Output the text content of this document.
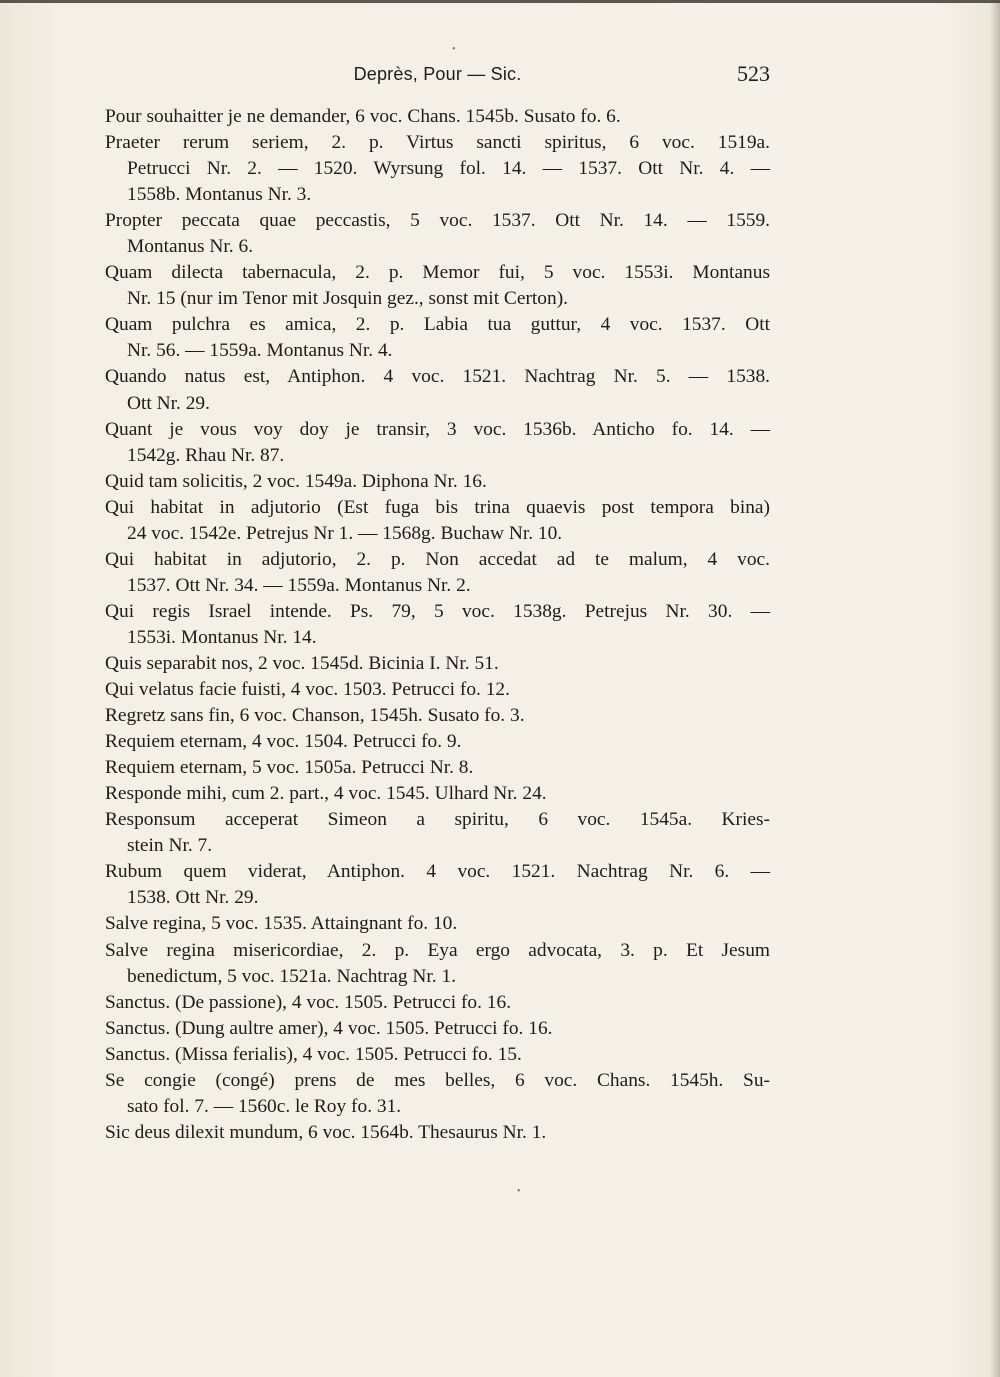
Deprès, Pour — Sic.	523
Pour souhaitter je ne demander, 6 voc. Chans. 1545b. Susato fo. 6.
Praeter rerum seriem, 2. p. Virtus sancti spiritus, 6 voc. 1519a.
Petrucci Nr. 2. — 1520. Wyrsung fol. 14. — 1537. Ott Nr. 4. —
1558b. Montanus Nr. 3.
Propter peccata quae peccastis, 5 voc. 1537. Ott Nr. 14. — 1559.
Montanus Nr. 6.
Quam dilecta tabernacula, 2. p. Memor fui, 5 voc. 1553i. Montanus
Nr. 15 (nur im Tenor mit Josquin gez., sonst mit Certon).
Quam pulchra es amica, 2. p. Labia tua guttur, 4 voc. 1537. Ott
Nr. 56. — 1559a. Montanus Nr. 4.
Quando natus est, Antiphon. 4 voc. 1521. Nachtrag Nr. 5. — 1538.
Ott Nr. 29.
Quant je vous voy doy je transir, 3 voc. 1536b. Anticho fo. 14. —
1542g. Rhau Nr. 87.
Quid tam solicitis, 2 voc. 1549a. Diphona Nr. 16.
Qui habitat in adjutorio (Est fuga bis trina quaevis post tempora bina)
24 voc. 1542e. Petrejus Nr 1. — 1568g. Buchaw Nr. 10.
Qui habitat in adjutorio, 2. p. Non accedat ad te malum, 4 voc.
1537. Ott Nr. 34. — 1559a. Montanus Nr. 2.
Qui regis Israel intende. Ps. 79, 5 voc. 1538g. Petrejus Nr. 30. —
1553i. Montanus Nr. 14.
Quis separabit nos, 2 voc. 1545d. Bicinia I. Nr. 51.
Qui velatus facie fuisti, 4 voc. 1503. Petrucci fo. 12.
Regretz sans fin, 6 voc. Chanson, 1545h. Susato fo. 3.
Requiem eternam, 4 voc. 1504. Petrucci fo. 9.
Requiem eternam, 5 voc. 1505a. Petrucci Nr. 8.
Responde mihi, cum 2. part., 4 voc. 1545. Ulhard Nr. 24.
Responsum acceperat Simeon a spiritu, 6 voc. 1545a. Kries-
stein Nr. 7.
Rubum quem viderat, Antiphon. 4 voc. 1521. Nachtrag Nr. 6. —
1538. Ott Nr. 29.
Salve regina, 5 voc. 1535. Attaingnant fo. 10.
Salve regina misericordiae, 2. p. Eya ergo advocata, 3. p. Et Jesum
benedictum, 5 voc. 1521a. Nachtrag Nr. 1.
Sanctus. (De passione), 4 voc. 1505. Petrucci fo. 16.
Sanctus. (Dung aultre amer), 4 voc. 1505. Petrucci fo. 16.
Sanctus. (Missa ferialis), 4 voc. 1505. Petrucci fo. 15.
Se congie (congé) prens de mes belles, 6 voc. Chans. 1545h. Su-
sato fol. 7. — 1560c. le Roy fo. 31.
Sic deus dilexit mundum, 6 voc. 1564b. Thesaurus Nr. 1.
•
•
